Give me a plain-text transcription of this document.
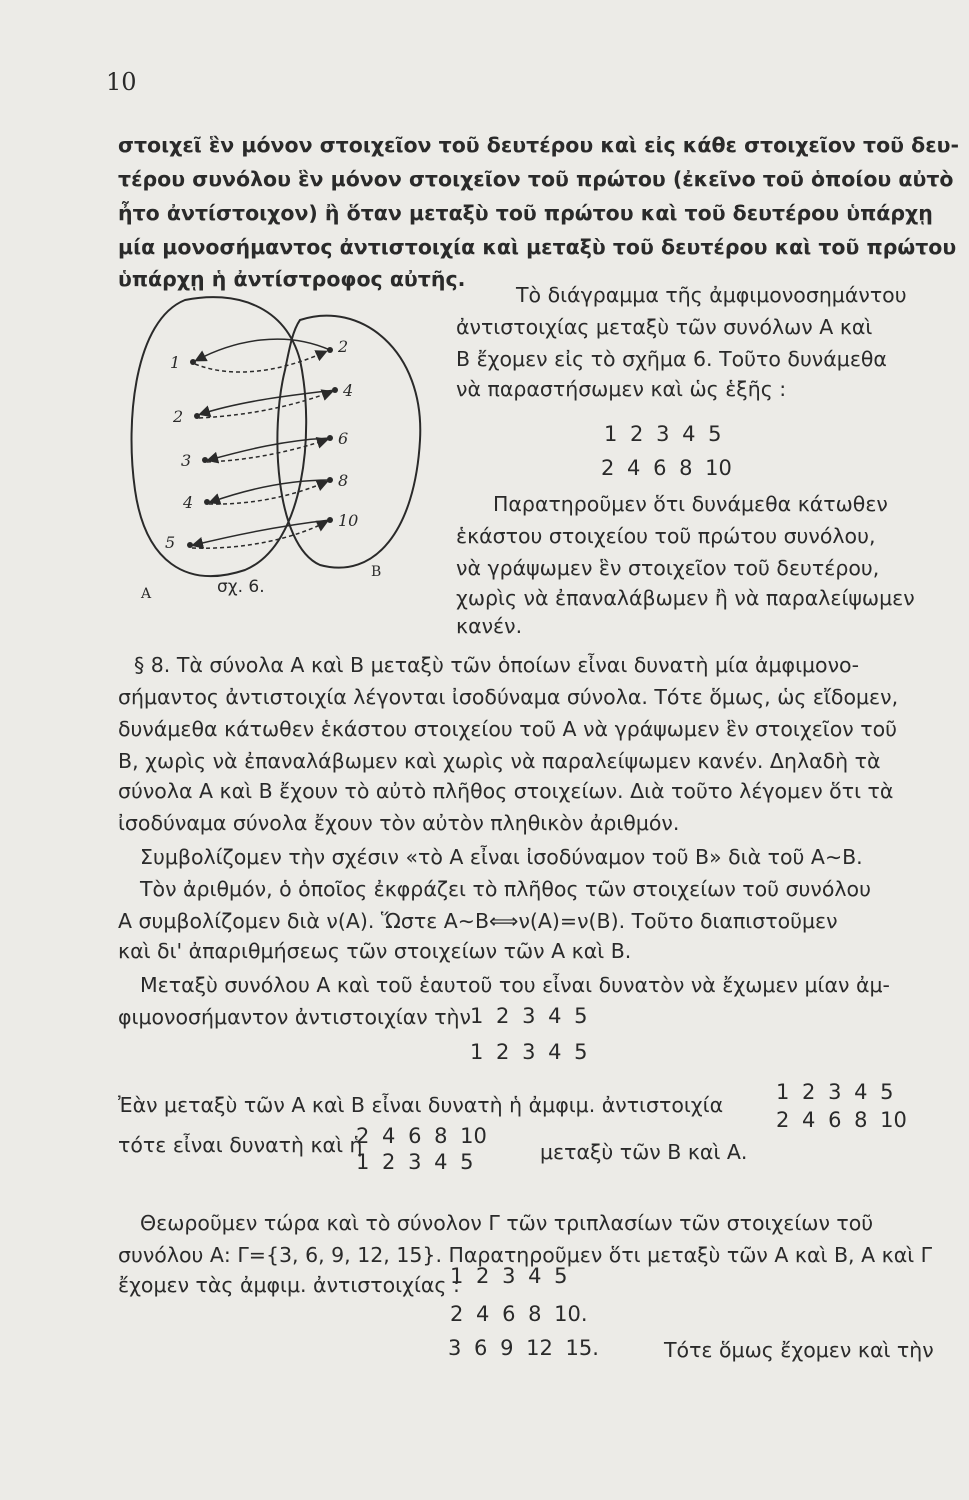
10
στοιχεῖ ἓν μόνον στοιχεῖον τοῦ δευτέρου καὶ εἰς κάθε στοιχεῖον τοῦ δευ-
τέρου συνόλου ἓν μόνον στοιχεῖον τοῦ πρώτου (ἐκεῖνο τοῦ ὁποίου αὐτὸ
ἦτο ἀντίστοιχον) ἢ ὅταν μεταξὺ τοῦ πρώτου καὶ τοῦ δευτέρου ὑπάρχῃ
μία μονοσήμαντος ἀντιστοιχία καὶ μεταξὺ τοῦ δευτέρου καὶ τοῦ πρώτου
ὑπάρχῃ ἡ ἀντίστροφος αὐτῆς.
1
2
3
4
5
2
4
6
8
10
A
B
σχ. 6.
Τὸ διάγραμμα τῆς ἀμφιμονοσημάντου
ἀντιστοιχίας μεταξὺ τῶν συνόλων Α καὶ
Β ἔχομεν εἰς τὸ σχῆμα 6. Τοῦτο δυνάμεθα
νὰ παραστήσωμεν καὶ ὡς ἑξῆς :
1 2 3 4 5
2 4 6 8 10
Παρατηροῦμεν ὅτι δυνάμεθα κάτωθεν
ἑκάστου στοιχείου τοῦ πρώτου συνόλου,
νὰ γράψωμεν ἓν στοιχεῖον τοῦ δευτέρου,
χωρὶς νὰ ἐπαναλάβωμεν ἢ νὰ παραλείψωμεν
κανέν.
§ 8. Τὰ σύνολα Α καὶ Β μεταξὺ τῶν ὁποίων εἶναι δυνατὴ μία ἀμφιμονο-
σήμαντος ἀντιστοιχία λέγονται ἰσοδύναμα σύνολα. Τότε ὅμως, ὡς εἴδομεν,
δυνάμεθα κάτωθεν ἑκάστου στοιχείου τοῦ Α νὰ γράψωμεν ἓν στοιχεῖον τοῦ
Β, χωρὶς νὰ ἐπαναλάβωμεν καὶ χωρὶς νὰ παραλείψωμεν κανέν. Δηλαδὴ τὰ
σύνολα Α καὶ Β ἔχουν τὸ αὐτὸ πλῆθος στοιχείων. Διὰ τοῦτο λέγομεν ὅτι τὰ
ἰσοδύναμα σύνολα ἔχουν τὸν αὐτὸν πληθικὸν ἀριθμόν.
Συμβολίζομεν τὴν σχέσιν «τὸ Α εἶναι ἰσοδύναμον τοῦ Β» διὰ τοῦ Α∼Β.
Τὸν ἀριθμόν, ὁ ὁποῖος ἐκφράζει τὸ πλῆθος τῶν στοιχείων τοῦ συνόλου
Α συμβολίζομεν διὰ ν(Α). Ὥστε Α∼Β⟺ν(Α)=ν(Β). Τοῦτο διαπιστοῦμεν
καὶ δι' ἀπαριθμήσεως τῶν στοιχείων τῶν Α καὶ Β.
Μεταξὺ συνόλου Α καὶ τοῦ ἑαυτοῦ του εἶναι δυνατὸν νὰ ἔχωμεν μίαν ἀμ-
φιμονοσήμαντον ἀντιστοιχίαν τὴν 1 2 3 4 5
1 2 3 4 5
Ἐὰν μεταξὺ τῶν Α καὶ Β εἶναι δυνατὴ ἡ ἀμφιμ. ἀντιστοιχία
1 2 3 4 5
2 4 6 8 10
τότε εἶναι δυνατὴ καὶ ἡ
2 4 6 8 10
1 2 3 4 5	μεταξὺ τῶν Β καὶ Α.
Θεωροῦμεν τώρα καὶ τὸ σύνολον Γ τῶν τριπλασίων τῶν στοιχείων τοῦ
συνόλου Α: Γ={3, 6, 9, 12, 15}. Παρατηροῦμεν ὅτι μεταξὺ τῶν Α καὶ Β, Α καὶ Γ
ἔχομεν τὰς ἀμφιμ. ἀντιστοιχίας :
1 2 3 4 5
2 4 6 8 10.
3 6 9 12 15.	Τότε ὅμως ἔχομεν καὶ τὴν
